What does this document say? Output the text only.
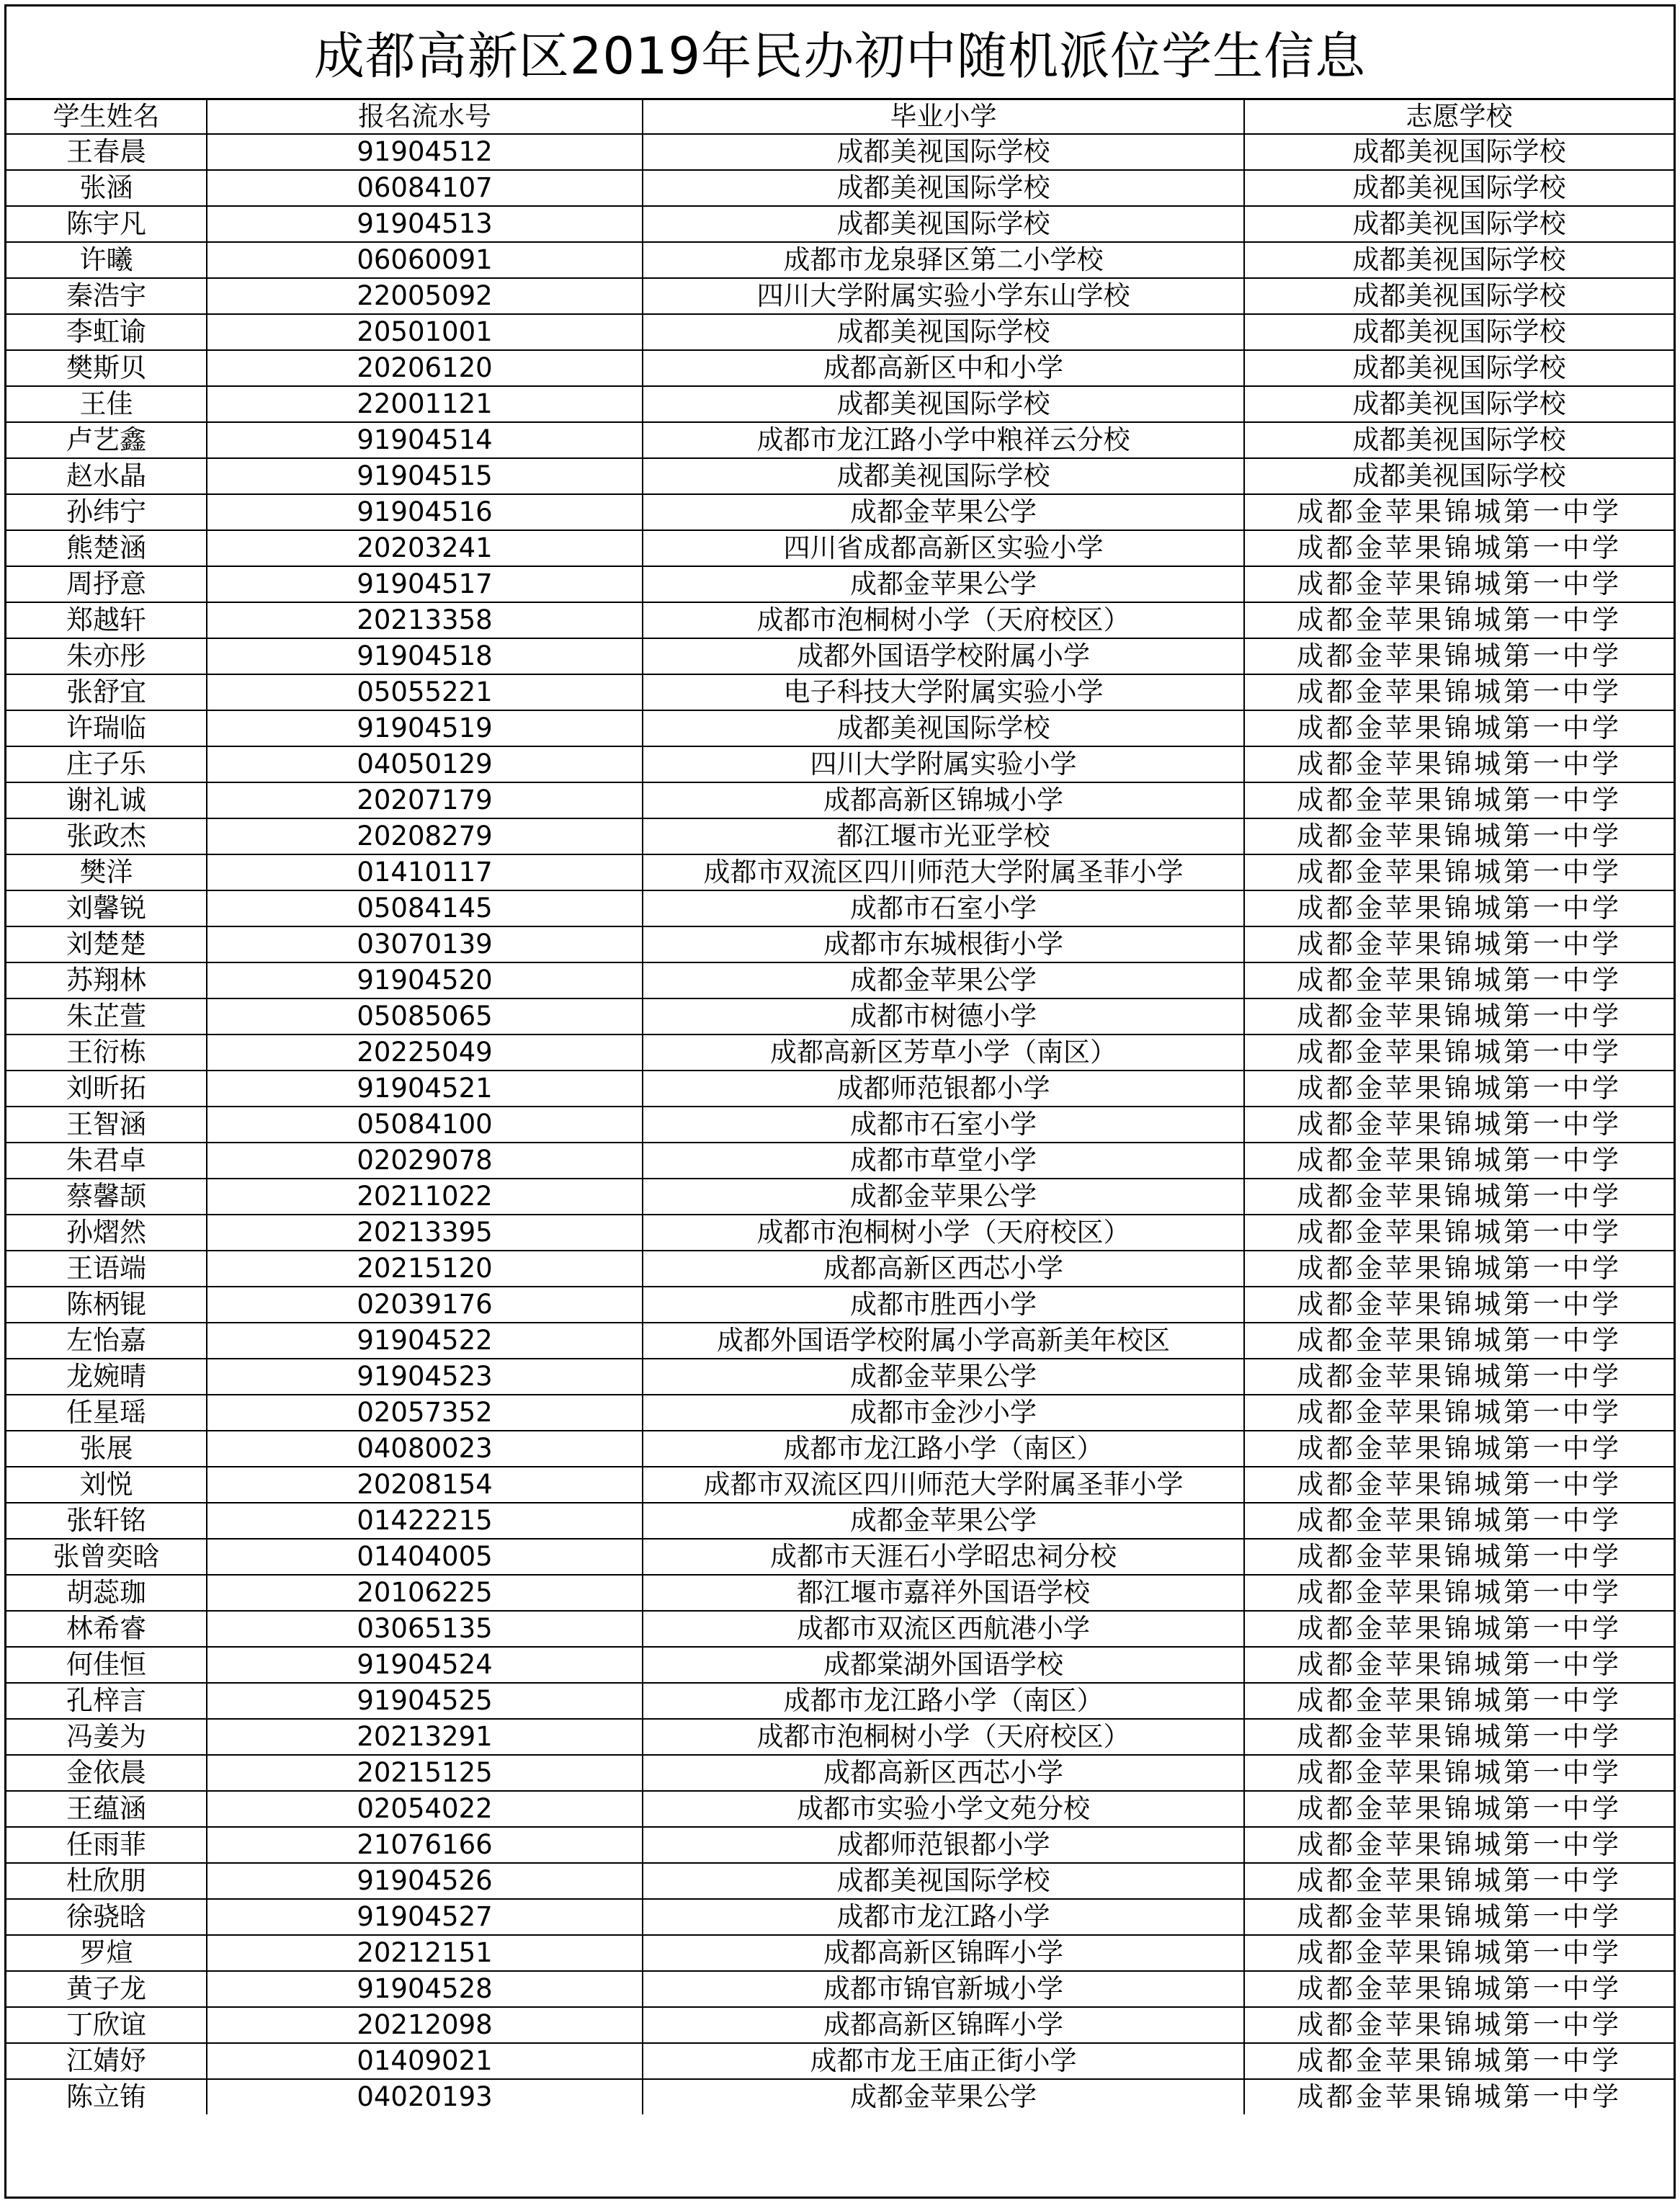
成都高新区2019年民办初中随机派位学生信息
学生姓名	报名流水号	毕业小学	志愿学校
王春晨	91904512	成都美视国际学校	成都美视国际学校
张涵	06084107	成都美视国际学校	成都美视国际学校
陈宇凡	91904513	成都美视国际学校	成都美视国际学校
许曦	06060091	成都市龙泉驿区第二小学校	成都美视国际学校
秦浩宇	22005092	四川大学附属实验小学东山学校	成都美视国际学校
李虹谕	20501001	成都美视国际学校	成都美视国际学校
樊斯贝	20206120	成都高新区中和小学	成都美视国际学校
王佳	22001121	成都美视国际学校	成都美视国际学校
卢艺鑫	91904514	成都市龙江路小学中粮祥云分校	成都美视国际学校
赵水晶	91904515	成都美视国际学校	成都美视国际学校
孙纬宁	91904516	成都金苹果公学	成都金苹果锦城第一中学
熊楚涵	20203241	四川省成都高新区实验小学	成都金苹果锦城第一中学
周抒意	91904517	成都金苹果公学	成都金苹果锦城第一中学
郑越轩	20213358	成都市泡桐树小学（天府校区）	成都金苹果锦城第一中学
朱亦彤	91904518	成都外国语学校附属小学	成都金苹果锦城第一中学
张舒宜	05055221	电子科技大学附属实验小学	成都金苹果锦城第一中学
许瑞临	91904519	成都美视国际学校	成都金苹果锦城第一中学
庄子乐	04050129	四川大学附属实验小学	成都金苹果锦城第一中学
谢礼诚	20207179	成都高新区锦城小学	成都金苹果锦城第一中学
张政杰	20208279	都江堰市光亚学校	成都金苹果锦城第一中学
樊洋	01410117	成都市双流区四川师范大学附属圣菲小学	成都金苹果锦城第一中学
刘馨锐	05084145	成都市石室小学	成都金苹果锦城第一中学
刘楚楚	03070139	成都市东城根街小学	成都金苹果锦城第一中学
苏翔林	91904520	成都金苹果公学	成都金苹果锦城第一中学
朱芷萱	05085065	成都市树德小学	成都金苹果锦城第一中学
王衍栋	20225049	成都高新区芳草小学（南区）	成都金苹果锦城第一中学
刘昕拓	91904521	成都师范银都小学	成都金苹果锦城第一中学
王智涵	05084100	成都市石室小学	成都金苹果锦城第一中学
朱君卓	02029078	成都市草堂小学	成都金苹果锦城第一中学
蔡馨颉	20211022	成都金苹果公学	成都金苹果锦城第一中学
孙熠然	20213395	成都市泡桐树小学（天府校区）	成都金苹果锦城第一中学
王语端	20215120	成都高新区西芯小学	成都金苹果锦城第一中学
陈柄锟	02039176	成都市胜西小学	成都金苹果锦城第一中学
左怡嘉	91904522	成都外国语学校附属小学高新美年校区	成都金苹果锦城第一中学
龙婉晴	91904523	成都金苹果公学	成都金苹果锦城第一中学
任星瑶	02057352	成都市金沙小学	成都金苹果锦城第一中学
张展	04080023	成都市龙江路小学（南区）	成都金苹果锦城第一中学
刘悦	20208154	成都市双流区四川师范大学附属圣菲小学	成都金苹果锦城第一中学
张轩铭	01422215	成都金苹果公学	成都金苹果锦城第一中学
张曾奕晗	01404005	成都市天涯石小学昭忠祠分校	成都金苹果锦城第一中学
胡蕊珈	20106225	都江堰市嘉祥外国语学校	成都金苹果锦城第一中学
林希睿	03065135	成都市双流区西航港小学	成都金苹果锦城第一中学
何佳恒	91904524	成都棠湖外国语学校	成都金苹果锦城第一中学
孔梓言	91904525	成都市龙江路小学（南区）	成都金苹果锦城第一中学
冯姜为	20213291	成都市泡桐树小学（天府校区）	成都金苹果锦城第一中学
金依晨	20215125	成都高新区西芯小学	成都金苹果锦城第一中学
王蕴涵	02054022	成都市实验小学文苑分校	成都金苹果锦城第一中学
任雨菲	21076166	成都师范银都小学	成都金苹果锦城第一中学
杜欣朋	91904526	成都美视国际学校	成都金苹果锦城第一中学
徐骁晗	91904527	成都市龙江路小学	成都金苹果锦城第一中学
罗煊	20212151	成都高新区锦晖小学	成都金苹果锦城第一中学
黄子龙	91904528	成都市锦官新城小学	成都金苹果锦城第一中学
丁欣谊	20212098	成都高新区锦晖小学	成都金苹果锦城第一中学
江婧妤	01409021	成都市龙王庙正街小学	成都金苹果锦城第一中学
陈立铕	04020193	成都金苹果公学	成都金苹果锦城第一中学
